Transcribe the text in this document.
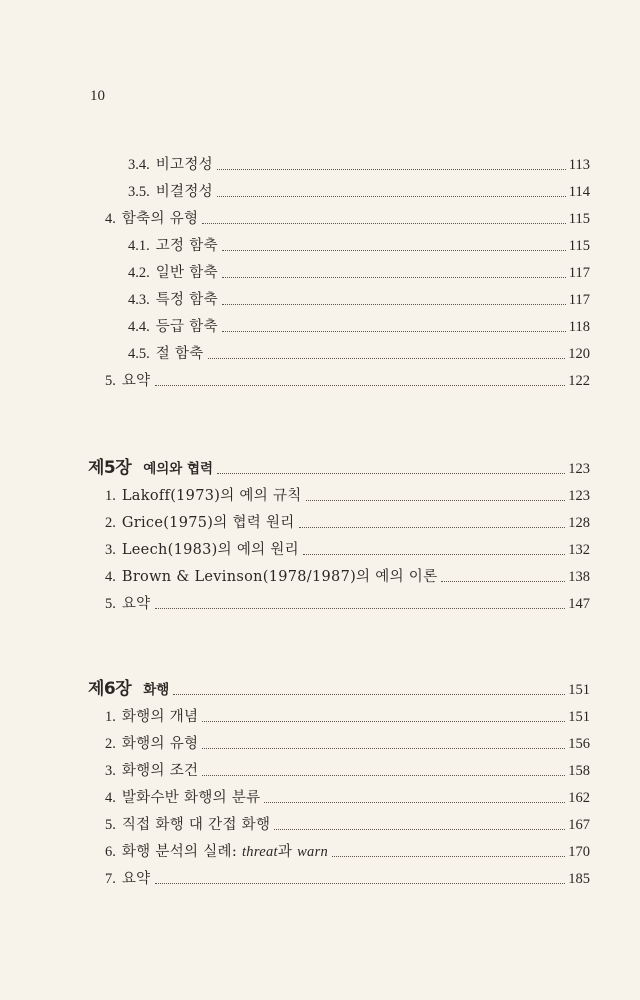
10
3.4. 비고정성	113
3.5. 비결정성	114
4. 함축의 유형	115
4.1. 고정 함축	115
4.2. 일반 함축	117
4.3. 특정 함축	117
4.4. 등급 함축	118
4.5. 절 함축	120
5. 요약	122
제5장 예의와 협력	123
1. Lakoff(1973)의 예의 규칙	123
2. Grice(1975)의 협력 원리	128
3. Leech(1983)의 예의 원리	132
4. Brown & Levinson(1978/1987)의 예의 이론	138
5. 요약	147
제6장 화행	151
1. 화행의 개념	151
2. 화행의 유형	156
3. 화행의 조건	158
4. 발화수반 화행의 분류	162
5. 직접 화행 대 간접 화행	167
6. 화행 분석의 실례: threat과 warn	170
7. 요약	185
